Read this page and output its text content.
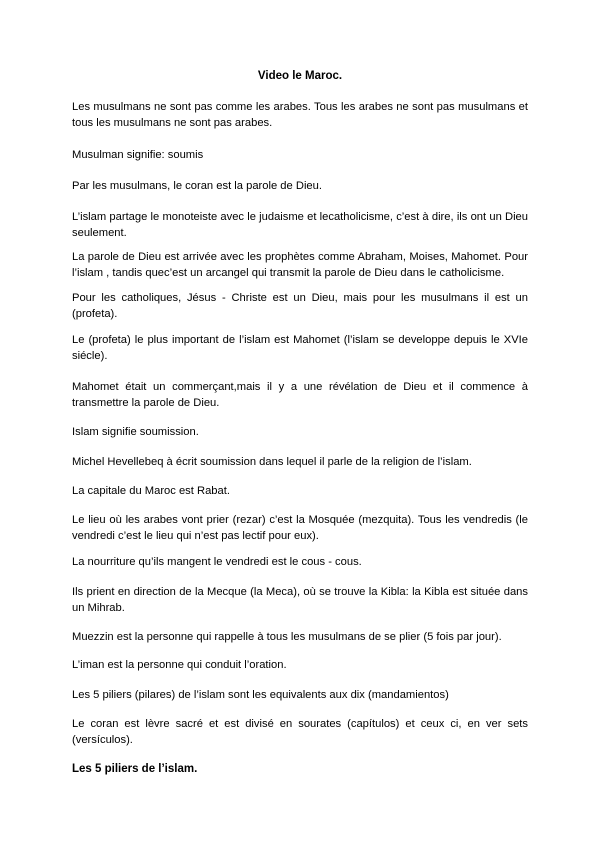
Video le Maroc.

Les musulmans ne sont pas comme les arabes. Tous les arabes ne sont pas musulmans et tous les musulmans ne sont pas arabes.

Musulman signifie: soumis

Par les musulmans, le coran est la parole de Dieu.

L’islam partage le monoteiste avec le judaisme et lecatholicisme, c’est à dire, ils ont un Dieu seulement.

La parole de Dieu est arrivée avec les prophètes comme Abraham, Moises, Mahomet. Pour l’islam , tandis quec’est un arcangel qui transmit la parole de Dieu dans le catholicisme.

Pour les catholiques, Jésus - Christe est un Dieu, mais pour les musulmans il est un (profeta).

Le (profeta) le plus important de l’islam est Mahomet (l’islam se developpe depuis le XVIe siécle).

Mahomet était un commerçant,mais il y a une révélation de Dieu et il commence à transmettre la parole de Dieu.

Islam signifie soumission.

Michel Hevellebeq à écrit soumission dans lequel il parle de la religion de l’islam.

La capitale du Maroc est Rabat.

Le lieu où les arabes vont prier (rezar) c’est la Mosquée (mezquita). Tous les vendredis (le vendredi c’est le lieu qui n’est pas lectif pour eux).

La nourriture qu’ils mangent le vendredi est le cous - cous.

Ils prient en direction de la Mecque (la Meca), où se trouve la Kibla: la Kibla est située dans un Mihrab.

Muezzin est la personne qui rappelle à tous les musulmans de se plier (5 fois par jour).

L’iman est la personne qui conduit l’oration.

Les 5 piliers (pilares) de l’islam sont les equivalents aux dix (mandamientos)

Le coran est lèvre sacré et est divisé en sourates (capítulos) et ceux ci, en ver sets (versículos).

Les 5 piliers de l’islam.
